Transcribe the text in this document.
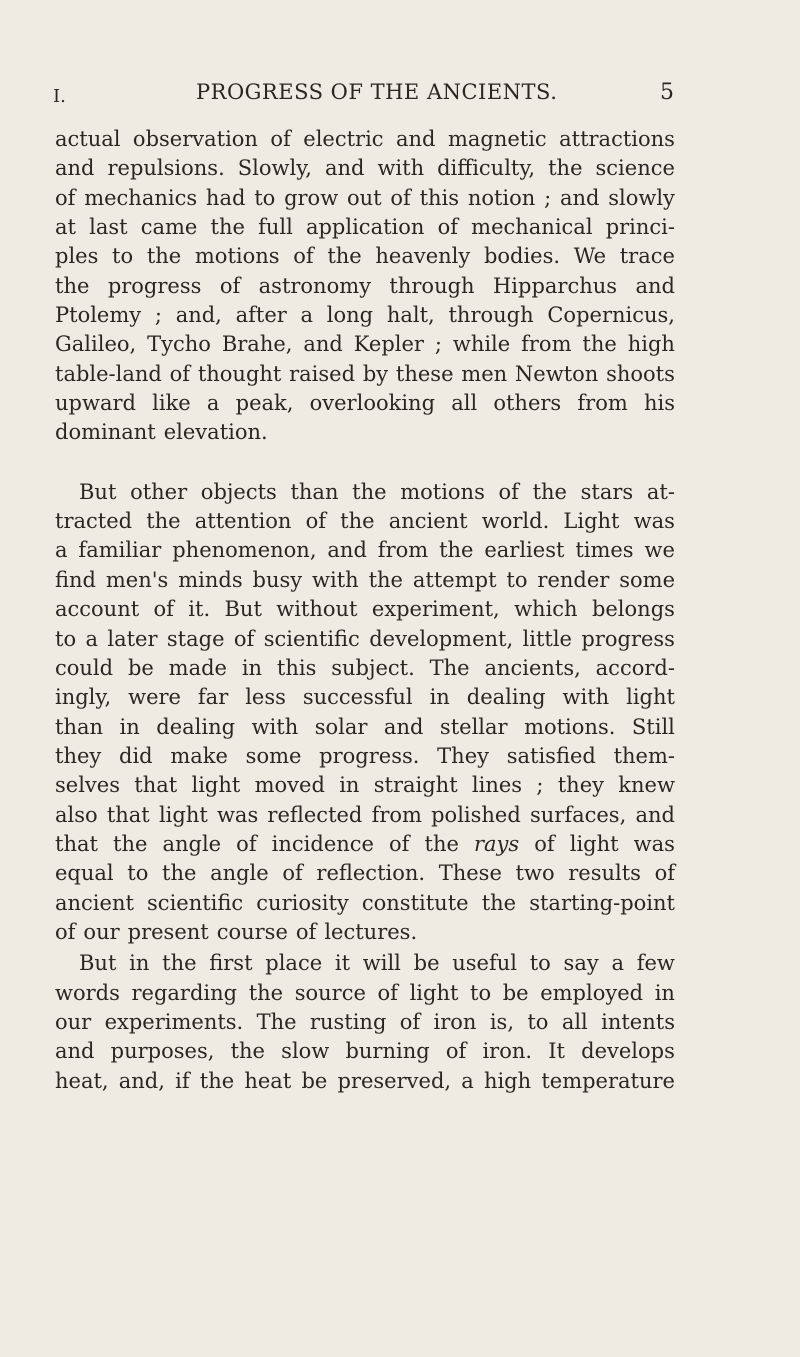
I.	PROGRESS OF THE ANCIENTS.	5
actual observation of electric and magnetic attractions
and repulsions. Slowly, and with difficulty, the science
of mechanics had to grow out of this notion ; and slowly
at last came the full application of mechanical princi-
ples to the motions of the heavenly bodies. We trace
the progress of astronomy through Hipparchus and
Ptolemy ; and, after a long halt, through Copernicus,
Galileo, Tycho Brahe, and Kepler ; while from the high
table-land of thought raised by these men Newton shoots
upward like a peak, overlooking all others from his
dominant elevation.
But other objects than the motions of the stars at-
tracted the attention of the ancient world. Light was
a familiar phenomenon, and from the earliest times we
find men's minds busy with the attempt to render some
account of it. But without experiment, which belongs
to a later stage of scientific development, little progress
could be made in this subject. The ancients, accord-
ingly, were far less successful in dealing with light
than in dealing with solar and stellar motions. Still
they did make some progress. They satisfied them-
selves that light moved in straight lines ; they knew
also that light was reflected from polished surfaces, and
that the angle of incidence of the rays of light was
equal to the angle of reflection. These two results of
ancient scientific curiosity constitute the starting-point
of our present course of lectures.
But in the first place it will be useful to say a few
words regarding the source of light to be employed in
our experiments. The rusting of iron is, to all intents
and purposes, the slow burning of iron. It develops
heat, and, if the heat be preserved, a high temperature
